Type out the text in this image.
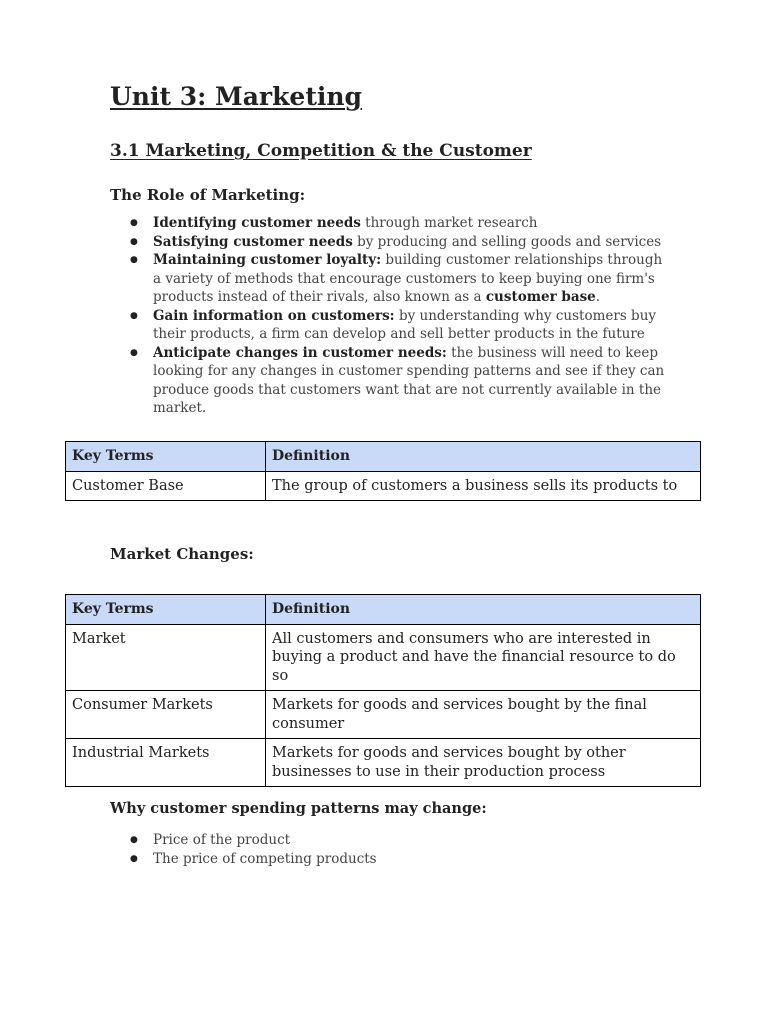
Unit 3: Marketing
3.1 Marketing, Competition & the Customer
The Role of Marketing:
● Identifying customer needs through market research
● Satisfying customer needs by producing and selling goods and services
● Maintaining customer loyalty: building customer relationships through a variety of methods that encourage customers to keep buying one firm's products instead of their rivals, also known as a customer base.
● Gain information on customers: by understanding why customers buy their products, a firm can develop and sell better products in the future
● Anticipate changes in customer needs: the business will need to keep looking for any changes in customer spending patterns and see if they can produce goods that customers want that are not currently available in the market.
Key Terms	Definition
Customer Base	The group of customers a business sells its products to
Market Changes:
Key Terms	Definition
Market	All customers and consumers who are interested in buying a product and have the financial resource to do so
Consumer Markets	Markets for goods and services bought by the final consumer
Industrial Markets	Markets for goods and services bought by other businesses to use in their production process
Why customer spending patterns may change:
● Price of the product
● The price of competing products
